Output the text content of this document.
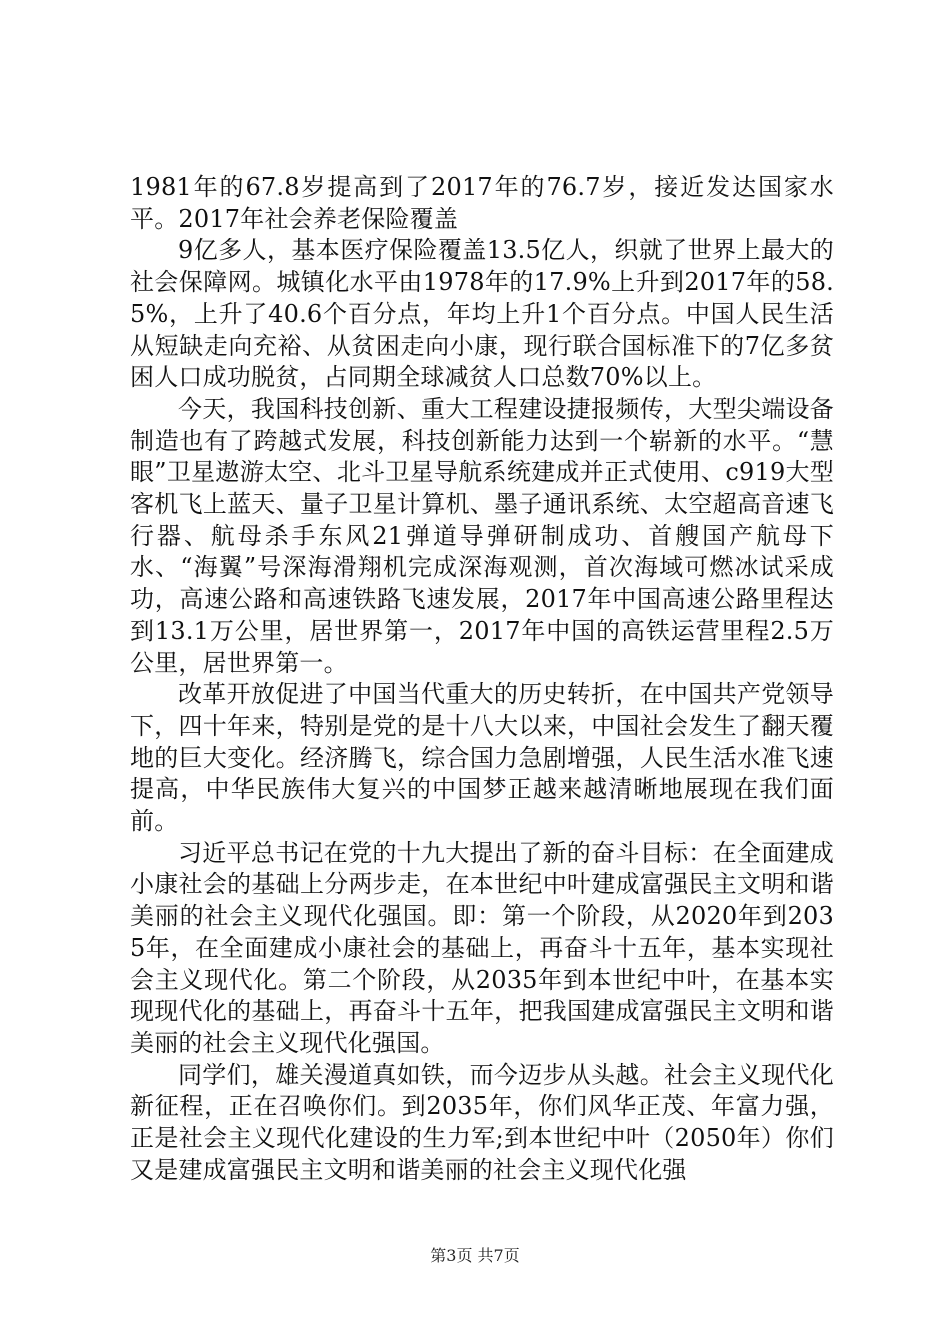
1981年的67.8岁提高到了2017年的76.7岁，接近发达国家水平。2017年社会养老保险覆盖

9亿多人，基本医疗保险覆盖13.5亿人，织就了世界上最大的社会保障网。城镇化水平由1978年的17.9%上升到2017年的58.5%，上升了40.6个百分点，年均上升1个百分点。中国人民生活从短缺走向充裕、从贫困走向小康，现行联合国标准下的7亿多贫困人口成功脱贫，占同期全球减贫人口总数70%以上。

今天，我国科技创新、重大工程建设捷报频传，大型尖端设备制造也有了跨越式发展，科技创新能力达到一个崭新的水平。“慧眼”卫星遨游太空、北斗卫星导航系统建成并正式使用、c919大型客机飞上蓝天、量子卫星计算机、墨子通讯系统、太空超高音速飞行器、航母杀手东风21弹道导弹研制成功、首艘国产航母下水、“海翼”号深海滑翔机完成深海观测，首次海域可燃冰试采成功，高速公路和高速铁路飞速发展，2017年中国高速公路里程达到13.1万公里，居世界第一，2017年中国的高铁运营里程2.5万公里，居世界第一。

改革开放促进了中国当代重大的历史转折，在中国共产党领导下，四十年来，特别是党的是十八大以来，中国社会发生了翻天覆地的巨大变化。经济腾飞，综合国力急剧增强，人民生活水准飞速提高，中华民族伟大复兴的中国梦正越来越清晰地展现在我们面前。

习近平总书记在党的十九大提出了新的奋斗目标：在全面建成小康社会的基础上分两步走，在本世纪中叶建成富强民主文明和谐美丽的社会主义现代化强国。即：第一个阶段，从2020年到2035年，在全面建成小康社会的基础上，再奋斗十五年，基本实现社会主义现代化。第二个阶段，从2035年到本世纪中叶，在基本实现现代化的基础上，再奋斗十五年，把我国建成富强民主文明和谐美丽的社会主义现代化强国。

同学们，雄关漫道真如铁，而今迈步从头越。社会主义现代化新征程，正在召唤你们。到2035年，你们风华正茂、年富力强，正是社会主义现代化建设的生力军;到本世纪中叶（2050年）你们又是建成富强民主文明和谐美丽的社会主义现代化强

第3页 共7页
